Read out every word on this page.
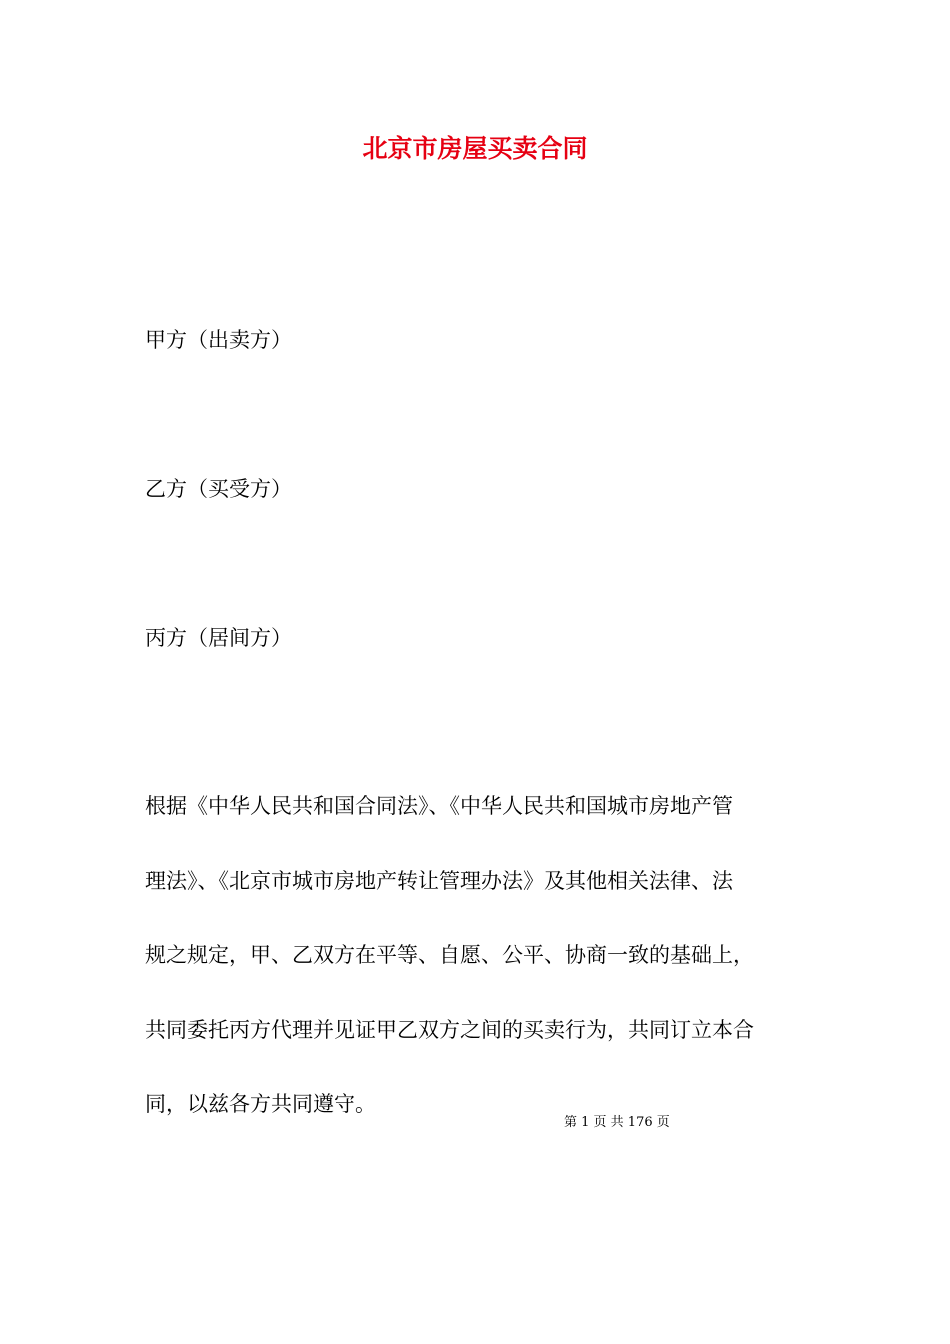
北京市房屋买卖合同
甲方（出卖方）
乙方（买受方）
丙方（居间方）
根据《中华人民共和国合同法》、《中华人民共和国城市房地产管
理法》、《北京市城市房地产转让管理办法》及其他相关法律、法
规之规定，甲、乙双方在平等、自愿、公平、协商一致的基础上，
共同委托丙方代理并见证甲乙双方之间的买卖行为，共同订立本合
同，以兹各方共同遵守。
第 1 页 共 176 页
